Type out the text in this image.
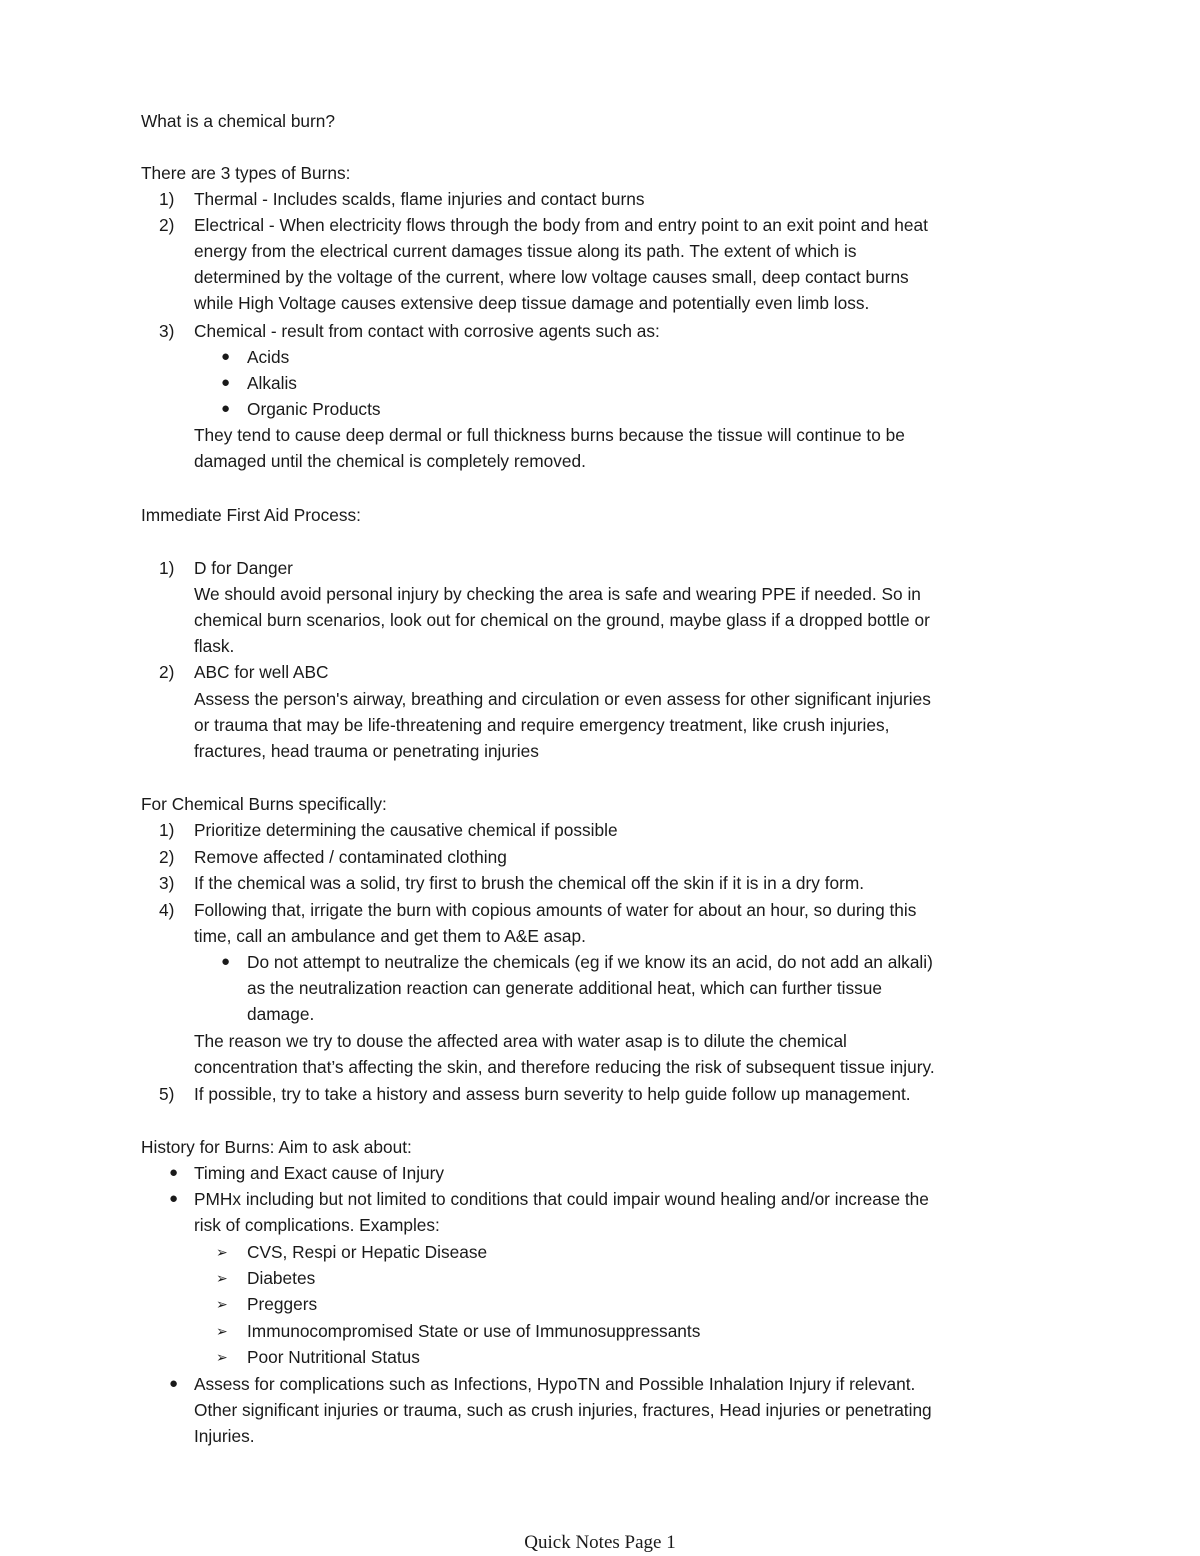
What is a chemical burn?
There are 3 types of Burns:
1) Thermal - Includes scalds, flame injuries and contact burns
2) Electrical - When electricity flows through the body from and entry point to an exit point and heat
energy from the electrical current damages tissue along its path. The extent of which is
determined by the voltage of the current, where low voltage causes small, deep contact burns
while High Voltage causes extensive deep tissue damage and potentially even limb loss.
3) Chemical - result from contact with corrosive agents such as:
● Acids
● Alkalis
● Organic Products
They tend to cause deep dermal or full thickness burns because the tissue will continue to be
damaged until the chemical is completely removed.
Immediate First Aid Process:
1) D for Danger
We should avoid personal injury by checking the area is safe and wearing PPE if needed. So in
chemical burn scenarios, look out for chemical on the ground, maybe glass if a dropped bottle or
flask.
2) ABC for well ABC
Assess the person's airway, breathing and circulation or even assess for other significant injuries
or trauma that may be life-threatening and require emergency treatment, like crush injuries,
fractures, head trauma or penetrating injuries
For Chemical Burns specifically:
1) Prioritize determining the causative chemical if possible
2) Remove affected / contaminated clothing
3) If the chemical was a solid, try first to brush the chemical off the skin if it is in a dry form.
4) Following that, irrigate the burn with copious amounts of water for about an hour, so during this
time, call an ambulance and get them to A&E asap.
● Do not attempt to neutralize the chemicals (eg if we know its an acid, do not add an alkali)
as the neutralization reaction can generate additional heat, which can further tissue
damage.
The reason we try to douse the affected area with water asap is to dilute the chemical
concentration that’s affecting the skin, and therefore reducing the risk of subsequent tissue injury.
5) If possible, try to take a history and assess burn severity to help guide follow up management.
History for Burns: Aim to ask about:
● Timing and Exact cause of Injury
● PMHx including but not limited to conditions that could impair wound healing and/or increase the
risk of complications. Examples:
➢ CVS, Respi or Hepatic Disease
➢ Diabetes
➢ Preggers
➢ Immunocompromised State or use of Immunosuppressants
➢ Poor Nutritional Status
● Assess for complications such as Infections, HypoTN and Possible Inhalation Injury if relevant.
Other significant injuries or trauma, such as crush injuries, fractures, Head injuries or penetrating
Injuries.
Quick Notes Page 1
